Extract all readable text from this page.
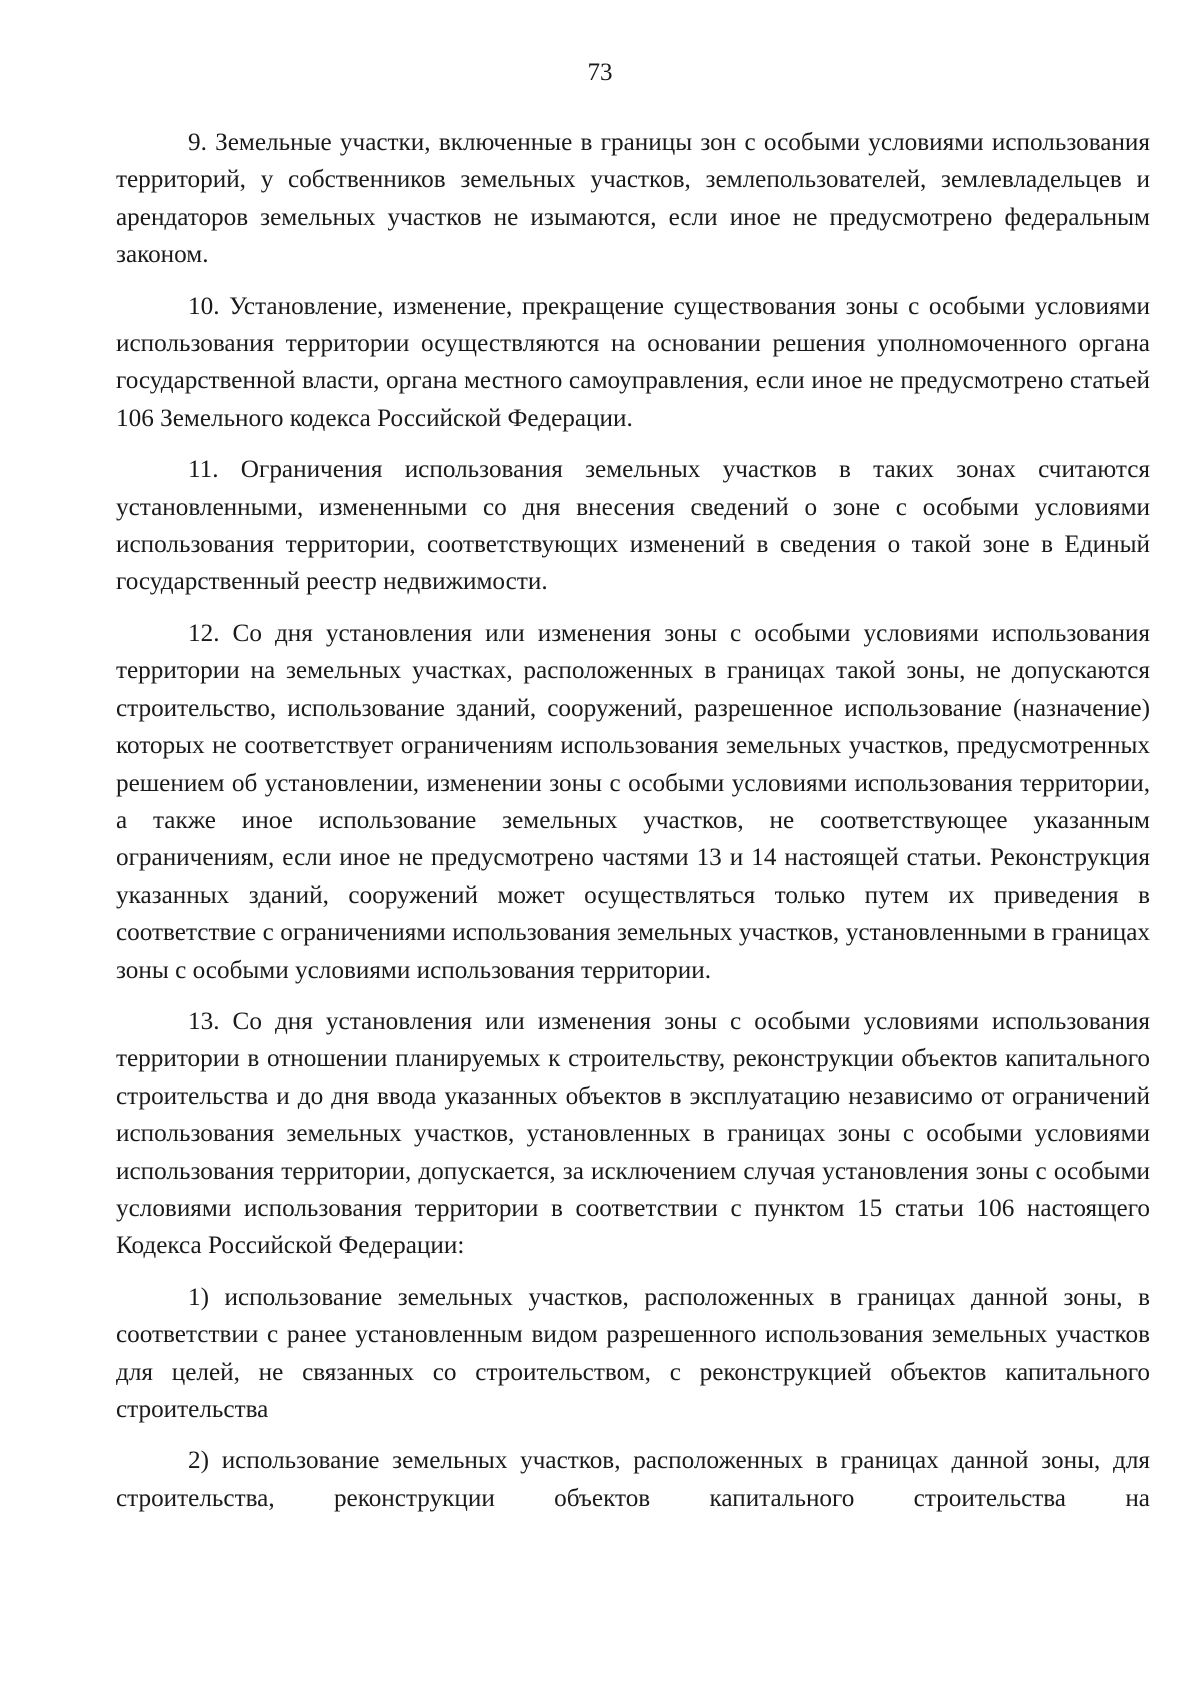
73

9. Земельные участки, включенные в границы зон с особыми условиями использования территорий, у собственников земельных участков, землепользователей, землевладельцев и арендаторов земельных участков не изымаются, если иное не предусмотрено федеральным законом.

10. Установление, изменение, прекращение существования зоны с особыми условиями использования территории осуществляются на основании решения уполномоченного органа государственной власти, органа местного самоуправления, если иное не предусмотрено статьей 106 Земельного кодекса Российской Федерации.

11. Ограничения использования земельных участков в таких зонах считаются установленными, измененными со дня внесения сведений о зоне с особыми условиями использования территории, соответствующих изменений в сведения о такой зоне в Единый государственный реестр недвижимости.

12. Со дня установления или изменения зоны с особыми условиями использования территории на земельных участках, расположенных в границах такой зоны, не допускаются строительство, использование зданий, сооружений, разрешенное использование (назначение) которых не соответствует ограничениям использования земельных участков, предусмотренных решением об установлении, изменении зоны с особыми условиями использования территории, а также иное использование земельных участков, не соответствующее указанным ограничениям, если иное не предусмотрено частями 13 и 14 настоящей статьи. Реконструкция указанных зданий, сооружений может осуществляться только путем их приведения в соответствие с ограничениями использования земельных участков, установленными в границах зоны с особыми условиями использования территории.

13. Со дня установления или изменения зоны с особыми условиями использования территории в отношении планируемых к строительству, реконструкции объектов капитального строительства и до дня ввода указанных объектов в эксплуатацию независимо от ограничений использования земельных участков, установленных в границах зоны с особыми условиями использования территории, допускается, за исключением случая установления зоны с особыми условиями использования территории в соответствии с пунктом 15 статьи 106 настоящего Кодекса Российской Федерации:

1) использование земельных участков, расположенных в границах данной зоны, в соответствии с ранее установленным видом разрешенного использования земельных участков для целей, не связанных со строительством, с реконструкцией объектов капитального строительства

2) использование земельных участков, расположенных в границах данной зоны, для строительства, реконструкции объектов капитального строительства на
